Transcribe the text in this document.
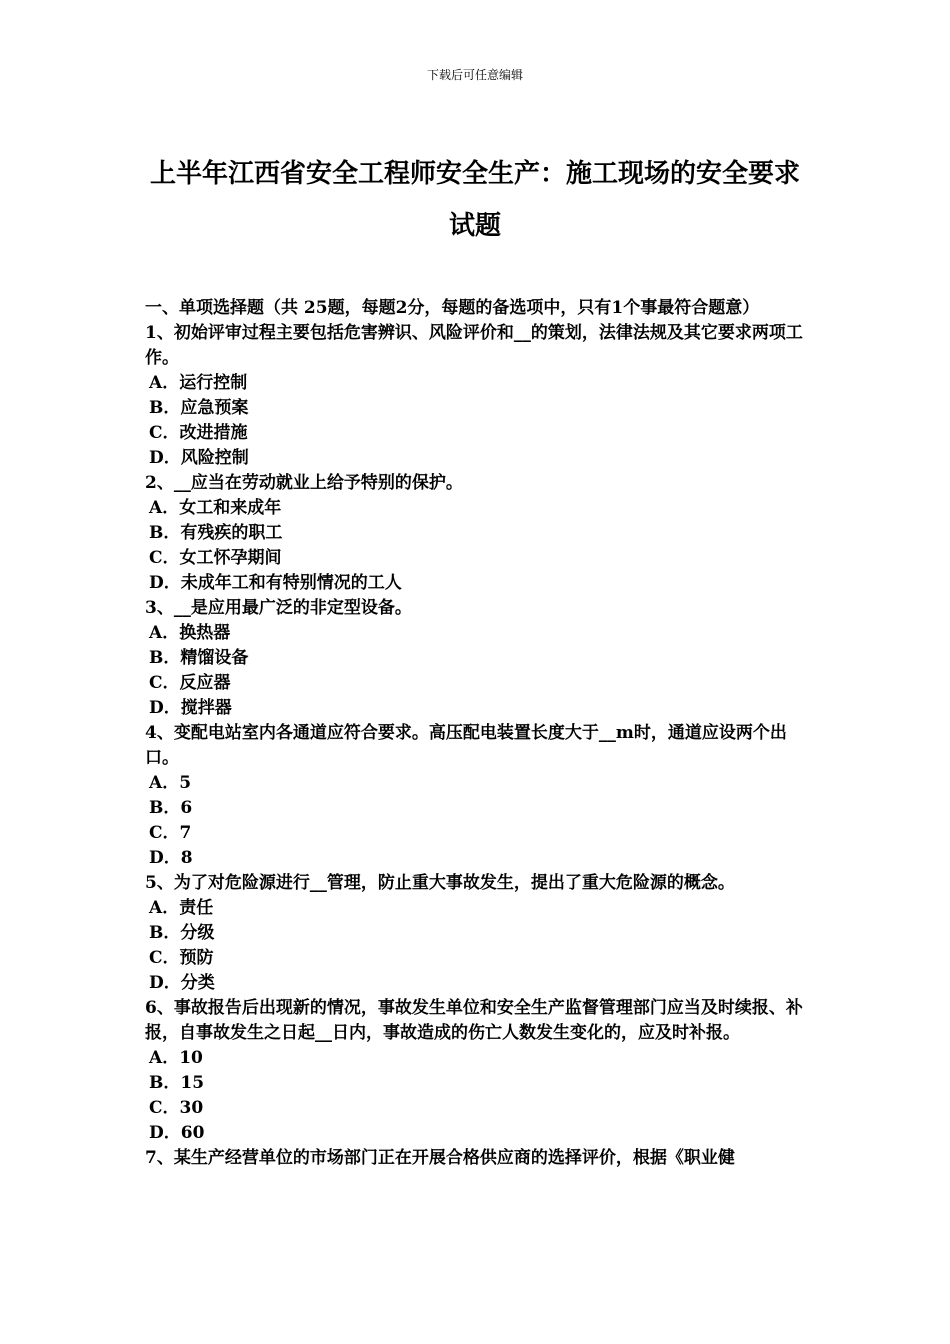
下载后可任意编辑
上半年江西省安全工程师安全生产：施工现场的安全要求
试题

一、单项选择题（共 25题，每题2分，每题的备选项中，只有1个事最符合题意）

1、初始评审过程主要包括危害辨识、风险评价和__的策划，法律法规及其它要求两项工作。

A．运行控制

B．应急预案

C．改进措施

D．风险控制

2、__应当在劳动就业上给予特别的保护。

A．女工和来成年

B．有残疾的职工

C．女工怀孕期间

D．未成年工和有特别情况的工人

3、__是应用最广泛的非定型设备。

A．换热器

B．精馏设备

C．反应器

D．搅拌器

4、变配电站室内各通道应符合要求。高压配电装置长度大于__m时，通道应设两个出口。

A．5

B．6

C．7

D．8

5、为了对危险源进行__管理，防止重大事故发生，提出了重大危险源的概念。

A．责任

B．分级

C．预防

D．分类

6、事故报告后出现新的情况，事故发生单位和安全生产监督管理部门应当及时续报、补报，自事故发生之日起__日内，事故造成的伤亡人数发生变化的，应及时补报。

A．10

B．15

C．30

D．60

7、某生产经营单位的市场部门正在开展合格供应商的选择评价，根据《职业健
